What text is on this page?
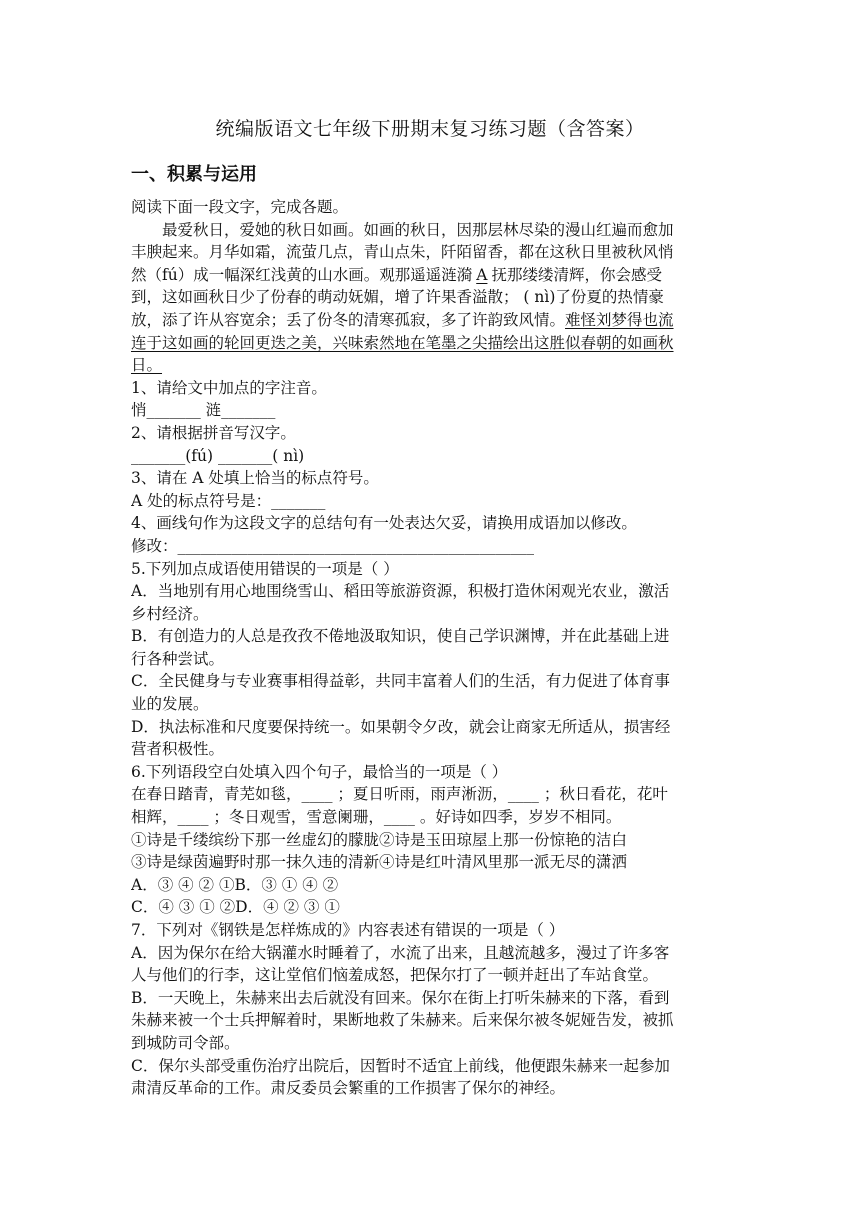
统编版语文七年级下册期末复习练习题（含答案）
一、积累与运用
阅读下面一段文字，完成各题。
最爱秋日，爱她的秋日如画。如画的秋日，因那层林尽染的漫山红遍而愈加
丰腴起来。月华如霜，流萤几点，青山点朱，阡陌留香，都在这秋日里被秋风悄
然（fú）成一幅深红浅黄的山水画。观那遥遥涟漪 A 抚那缕缕清辉，你会感受
到，这如画秋日少了份春的萌动妩媚，增了许果香溢散； ( nì)了份夏的热情豪
放，添了许从容宽余；丢了份冬的清寒孤寂，多了许韵致风情。难怪刘梦得也流
连于这如画的轮回更迭之美，兴味索然地在笔墨之尖描绘出这胜似春朝的如画秋
日。
1、请给文中加点的字注音。
悄_______ 涟_______
2、请根据拼音写汉字。
_______(fú) _______( nì)
3、请在 A 处填上恰当的标点符号。
A 处的标点符号是：_______
4、画线句作为这段文字的总结句有一处表达欠妥，请换用成语加以修改。
修改：______________________________________________
5.下列加点成语使用错误的一项是（ ）
A．当地别有用心地围绕雪山、稻田等旅游资源，积极打造休闲观光农业，激活
乡村经济。
B．有创造力的人总是孜孜不倦地汲取知识，使自己学识渊博，并在此基础上进
行各种尝试。
C．全民健身与专业赛事相得益彰，共同丰富着人们的生活，有力促进了体育事
业的发展。
D．执法标准和尺度要保持统一。如果朝令夕改，就会让商家无所适从，损害经
营者积极性。
6.下列语段空白处填入四个句子，最恰当的一项是（ ）
在春日踏青，青芜如毯，____ ；夏日听雨，雨声淅沥，____ ；秋日看花，花叶
相辉，____ ；冬日观雪，雪意阑珊，____ 。好诗如四季，岁岁不相同。
①诗是千缕缤纷下那一丝虚幻的朦胧②诗是玉田琼屋上那一份惊艳的洁白
③诗是绿茵遍野时那一抹久违的清新④诗是红叶清风里那一派无尽的潇洒
A．③ ④ ② ①B．③ ① ④ ②
C．④ ③ ① ②D．④ ② ③ ①
7．下列对《钢铁是怎样炼成的》内容表述有错误的一项是（ ）
A．因为保尔在给大锅灌水时睡着了，水流了出来，且越流越多，漫过了许多客
人与他们的行李，这让堂倌们恼羞成怒，把保尔打了一顿并赶出了车站食堂。
B．一天晚上，朱赫来出去后就没有回来。保尔在街上打听朱赫来的下落，看到
朱赫来被一个士兵押解着时，果断地救了朱赫来。后来保尔被冬妮娅告发，被抓
到城防司令部。
C．保尔头部受重伤治疗出院后，因暂时不适宜上前线，他便跟朱赫来一起参加
肃清反革命的工作。肃反委员会繁重的工作损害了保尔的神经。
